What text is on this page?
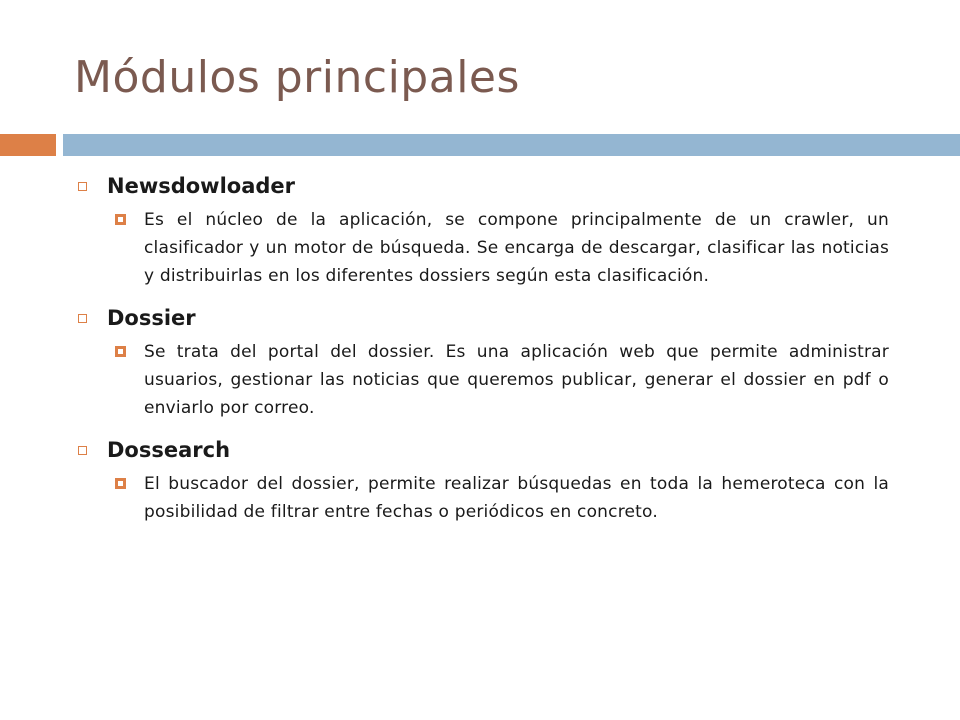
Módulos principales
Newsdowloader

Es el núcleo de la aplicación, se compone principalmente de un crawler, un clasificador y un motor de búsqueda. Se encarga de descargar, clasificar las noticias y distribuirlas en los diferentes dossiers según esta clasificación.

Dossier

Se trata del portal del dossier. Es una aplicación web que permite administrar usuarios, gestionar las noticias que queremos publicar, generar el dossier en pdf o enviarlo por correo.

Dossearch

El buscador del dossier, permite realizar búsquedas en toda la hemeroteca con la posibilidad de filtrar entre fechas o periódicos en concreto.
